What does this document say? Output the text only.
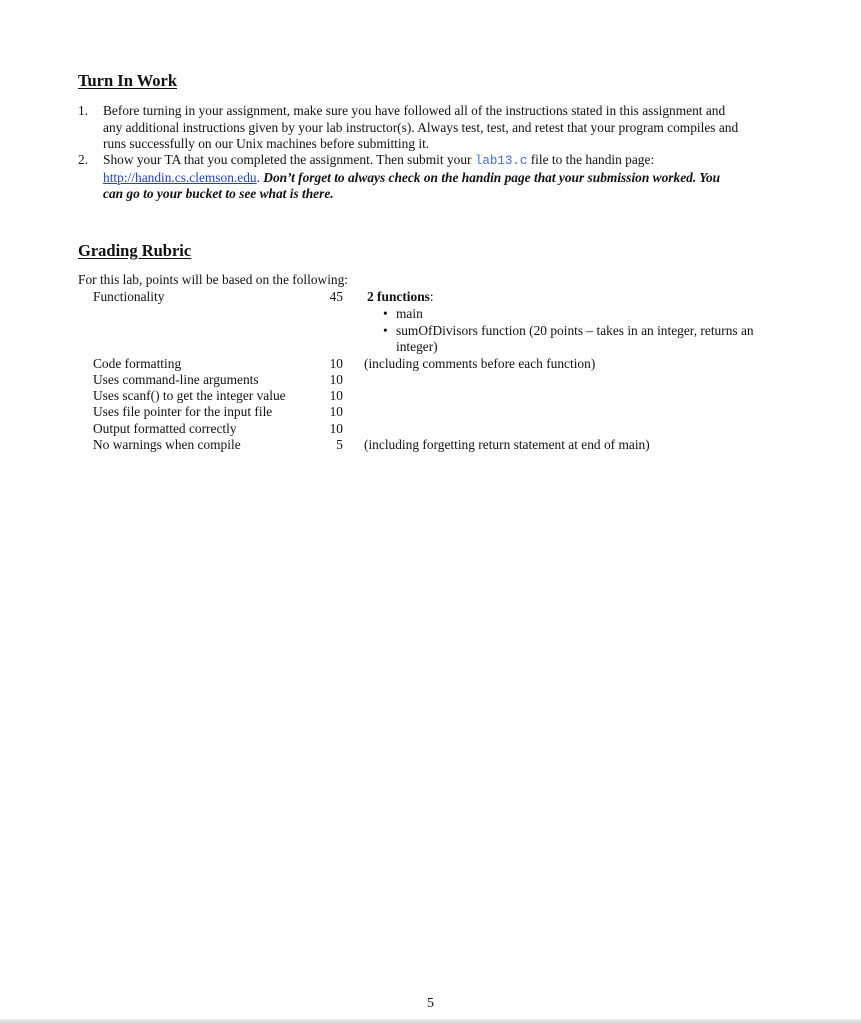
Turn In Work
1. Before turning in your assignment, make sure you have followed all of the instructions stated in this assignment and
any additional instructions given by your lab instructor(s). Always test, test, and retest that your program compiles and
runs successfully on our Unix machines before submitting it.
2. Show your TA that you completed the assignment. Then submit your lab13.c file to the handin page:
http://handin.cs.clemson.edu. Don’t forget to always check on the handin page that your submission worked. You
can go to your bucket to see what is there.
Grading Rubric
For this lab, points will be based on the following:
Functionality	45 2 functions:
• main
• sumOfDivisors function (20 points – takes in an integer, returns an
integer)
Code formatting	10 (including comments before each function)
Uses command-line arguments	10
Uses scanf() to get the integer value	10
Uses file pointer for the input file	10
Output formatted correctly	10
No warnings when compile	5 (including forgetting return statement at end of main)
5
